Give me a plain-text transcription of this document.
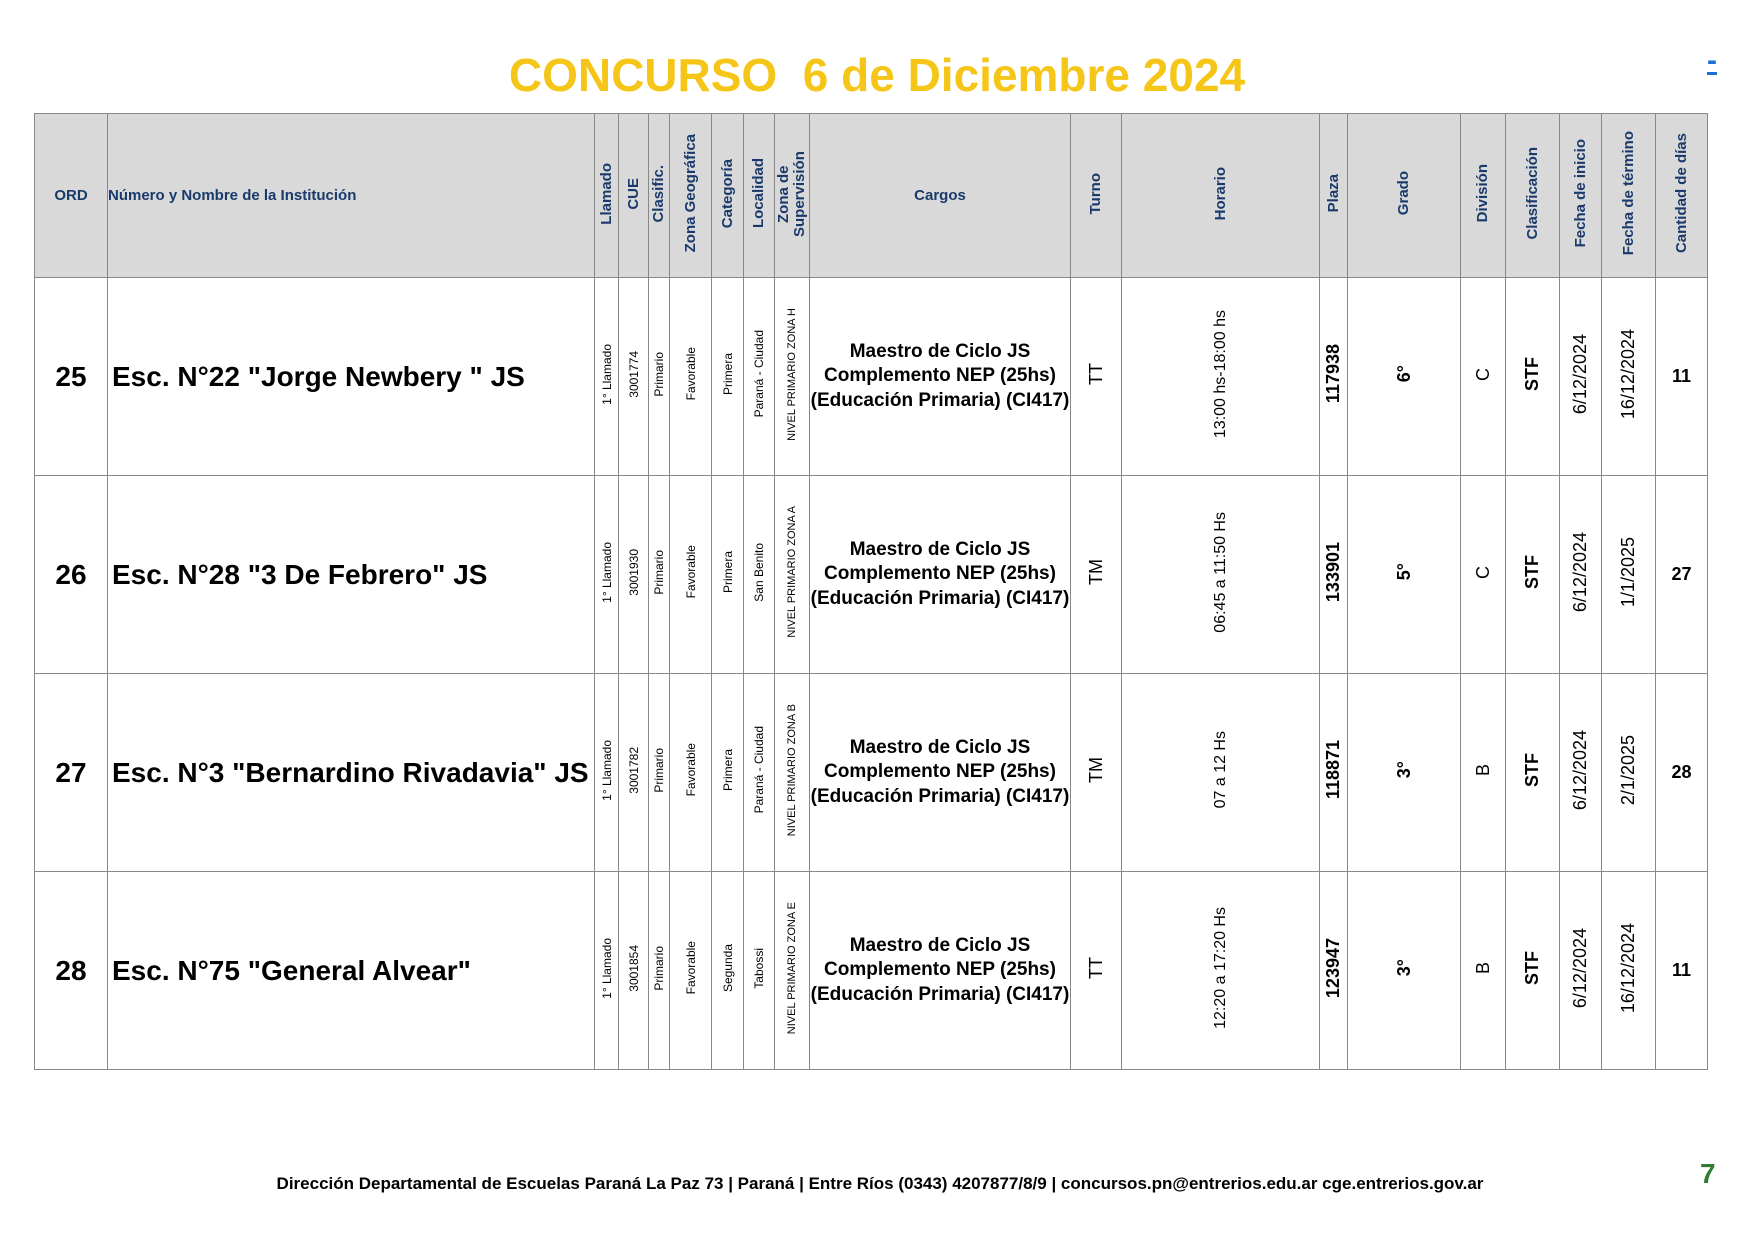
CONCURSO  6 de Diciembre 2024	-
ORD	Número y Nombre de la Institución	Llamado	CUE	Clasific.	Zona Geográfica	Categoría	Localidad	Zona de Supervisión	Cargos	Turno	Horario	Plaza	Grado	División	Clasificación	Fecha de inicio	Fecha de término	Cantidad de días
25	Esc. N°22 "Jorge Newbery " JS	1° Llamado	3001774	Primario	Favorable	Primera	Paraná - Ciudad	NIVEL PRIMARIO ZONA H	Maestro de Ciclo JS Complemento NEP (25hs) (Educación Primaria) (CI417)	TT	13:00 hs-18:00 hs	117938	6°	C	STF	6/12/2024	16/12/2024	11
26	Esc. N°28 "3 De Febrero" JS	1° Llamado	3001930	Primario	Favorable	Primera	San Benito	NIVEL PRIMARIO ZONA A	Maestro de Ciclo JS Complemento NEP (25hs) (Educación Primaria) (CI417)	TM	06:45 a 11:50 Hs	133901	5°	C	STF	6/12/2024	1/1/2025	27
27	Esc. N°3 "Bernardino Rivadavia" JS	1° Llamado	3001782	Primario	Favorable	Primera	Paraná - Ciudad	NIVEL PRIMARIO ZONA B	Maestro de Ciclo JS Complemento NEP (25hs) (Educación Primaria) (CI417)	TM	07 a 12 Hs	118871	3°	B	STF	6/12/2024	2/1/2025	28
28	Esc. N°75 "General Alvear"	1° Llamado	3001854	Primario	Favorable	Segunda	Tabossi	NIVEL PRIMARIO ZONA E	Maestro de Ciclo JS Complemento NEP (25hs) (Educación Primaria) (CI417)	TT	12:20 a 17:20 Hs	123947	3°	B	STF	6/12/2024	16/12/2024	11
Dirección Departamental de Escuelas Paraná La Paz 73 | Paraná | Entre Ríos (0343) 4207877/8/9 | concursos.pn@entrerios.edu.ar cge.entrerios.gov.ar	7
